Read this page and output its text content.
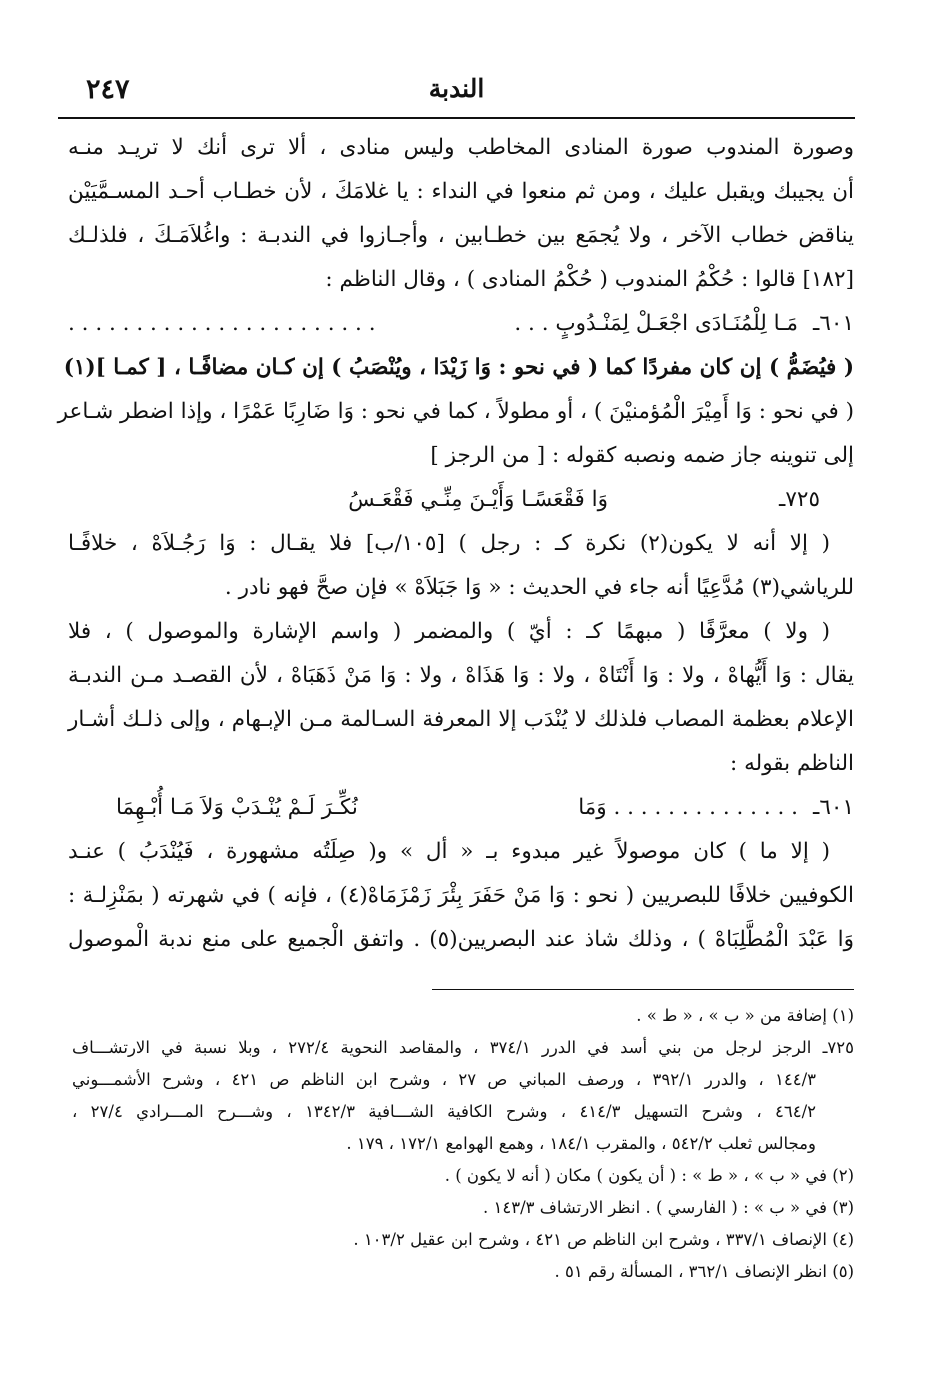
٢٤٧	الندبة
وصورة المندوب صورة المنادى المخاطب وليس منادى ، ألا ترى أنك لا تريـد منـه
أن يجيبك ويقبل عليك ، ومن ثم منعوا في النداء : يا غلامَكَ ، لأن خطـاب أحـد المسـمَّيَيْن
يناقض خطاب الآخر ، ولا يُجمَع بين خطـابين ، وأجـازوا في الندبـة : واغُلاَمَـكَ ، فلذلـك
[١٨٢] قالوا : حُكْمُ المندوب ( حُكْمُ المنادى ) ، وقال الناظم :
٦٠١ـ
مَـا لِلْمُنَـادَى اجْعَـلْ لِمَنْـدُوبٍ . . .
. . . . . . . . . . . . . . . . . . . . . . .
( فيُضَمُّ ) إن كان مفردًا كما ( في نحو : وَا زَيْدَا ، ويُنْصَبُ ) إن كـان مضافًـا ، [ كمـا ](١)
( في نحو : وَا أَمِيْرَ الْمُؤمنيْنَ ) ، أو مطولاً ، كما في نحو : وَا ضَارِبًا عَمْرًا ، وإذا اضطر شـاعر
إلى تنوينه جاز ضمه ونصبه كقوله : [ من الرجز ]
٧٢٥ـ
وَا فَقْعَسًـا وَأَيْـنَ مِنِّـي فَقْعَـسُ
( إلا أنه لا يكون(٢) نكرة كـ : رجل ) [١٠٥/ب] فلا يقـال : وَا رَجُـلاَهْ ، خلافًـا
للرياشي(٣) مُدَّعِيًا أنه جاء في الحديث : « وَا جَبَلاَهْ » فإن صحَّ فهو نادر .
( ولا ) معرَّفًا ( مبهمًا كـ : أيّ ) والمضمر ( واسم الإشارة والموصول ) ، فلا
يقال : وَا أَيُّهاهْ ، ولا : وَا أَنْتَاهْ ، ولا : وَا هَذَاهْ ، ولا : وَا مَنْ ذَهَبَاهْ ، لأن القصـد مـن الندبـة
الإعلام بعظمة المصاب فلذلك لا يُنْدَب إلا المعرفة السـالمة مـن الإبـهام ، وإلى ذلـك أشـار
الناظم بقوله :
٦٠١ـ
. . . . . . . . . . . . . . وَمَا
نُكِّـرَ لَـمْ يُنْـدَبْ وَلاَ مَـا أُبْـهِمَا
( إلا ما ) كان موصولاً غير مبدوء بـ « أل » و( صِلَتُه مشهورة ، فَيُنْدَبُ ) عنـد
الكوفيين خلافًا للبصريين ( نحو : وَا مَنْ حَفَرَ بِئْرَ زَمْزَمَاهْ(٤) ، فإنه ) في شهرته ( بمَنْزِلـة :
وَا عَبْدَ الْمُطَّلِبَاهْ ) ، وذلك شاذ عند البصريين(٥) . واتفق الْجميع على منع ندبة الْموصول
(١) إضافة من « ب » ، « ط » .
٧٢٥ـ الرجز لرجل من بني أسد في الدرر ٣٧٤/١ ، والمقاصد النحوية ٢٧٢/٤ ، وبلا نسبة في الارتشـــاف
١٤٤/٣ ، والدرر ٣٩٢/١ ، ورصف المباني ص ٢٧ ، وشرح ابن الناظم ص ٤٢١ ، وشرح الأشمـــوني
٤٦٤/٢ ، وشرح التسهيل ٤١٤/٣ ، وشرح الكافية الشـــافية ١٣٤٢/٣ ، وشـــرح المـــرادي ٢٧/٤ ،
ومجالس ثعلب ٥٤٢/٢ ، والمقرب ١٨٤/١ ، وهمع الهوامع ١٧٢/١ ، ١٧٩ .
(٢) في « ب » ، « ط » : ( أن يكون ) مكان ( أنه لا يكون ) .
(٣) في « ب » : ( الفارسي ) . انظر الارتشاف ١٤٣/٣ .
(٤) الإنصاف ٣٣٧/١ ، وشرح ابن الناظم ص ٤٢١ ، وشرح ابن عقيل ١٠٣/٢ .
(٥) انظر الإنصاف ٣٦٢/١ ، المسألة رقم ٥١ .
